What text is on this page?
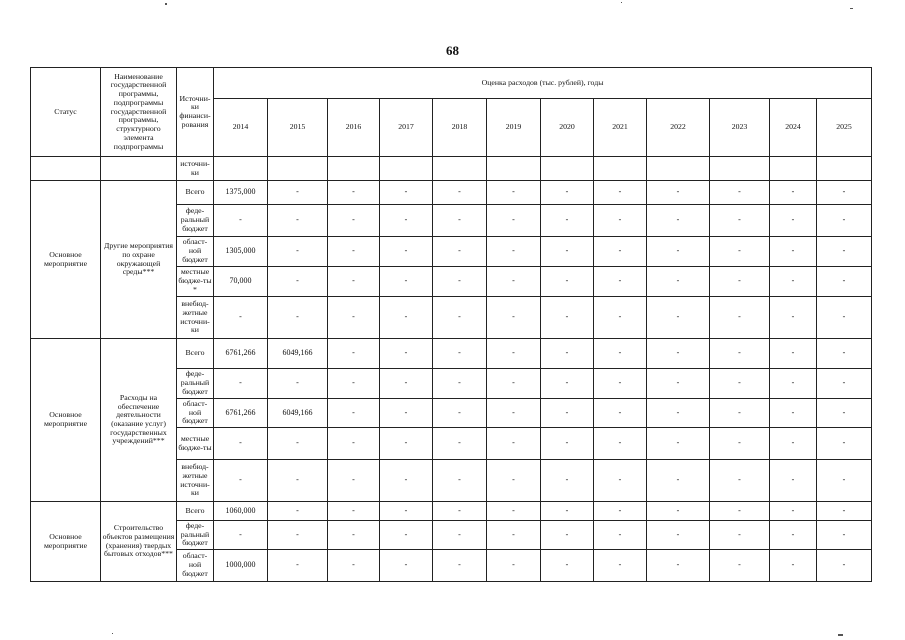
68
Статус	Наименование государственной программы, подпрограммы государственной программы, структурного элемента подпрограммы	Источни-ки финанси-рования	Оценка расходов (тыс. рублей), годы											
			2014	2015	2016	2017	2018	2019	2020	2021	2022	2023	2024	2025
		источни-ки												
Основное мероприятие	Другие мероприятия по охране окружающей среды***	Всего	1375,000	-	-	-	-	-	-	-	-	-	-	-
		феде-ральный бюджет	-	-	-	-	-	-	-	-	-	-	-	-
		област-ной бюджет	1305,000	-	-	-	-	-	-	-	-	-	-	-
		местные бюдже-ты *	70,000	-	-	-	-	-	-	-	-	-	-	-
		внебюд-жетные источни-ки	-	-	-	-	-	-	-	-	-	-	-	-
Основное мероприятие	Расходы на обеспечение деятельности (оказание услуг) государственных учреждений***	Всего	6761,266	6049,166	-	-	-	-	-	-	-	-	-	-
		феде-ральный бюджет	-	-	-	-	-	-	-	-	-	-	-	-
		област-ной бюджет	6761,266	6049,166	-	-	-	-	-	-	-	-	-	-
		местные бюдже-ты	-	-	-	-	-	-	-	-	-	-	-	-
		внебюд-жетные источни-ки	-	-	-	-	-	-	-	-	-	-	-	-
Основное мероприятие	Строительство объектов размещения (хранения) твердых бытовых отходов***	Всего	1060,000	-	-	-	-	-	-	-	-	-	-	-
		феде-ральный бюджет	-	-	-	-	-	-	-	-	-	-	-	-
		област-ной бюджет	1000,000	-	-	-	-	-	-	-	-	-	-	-
